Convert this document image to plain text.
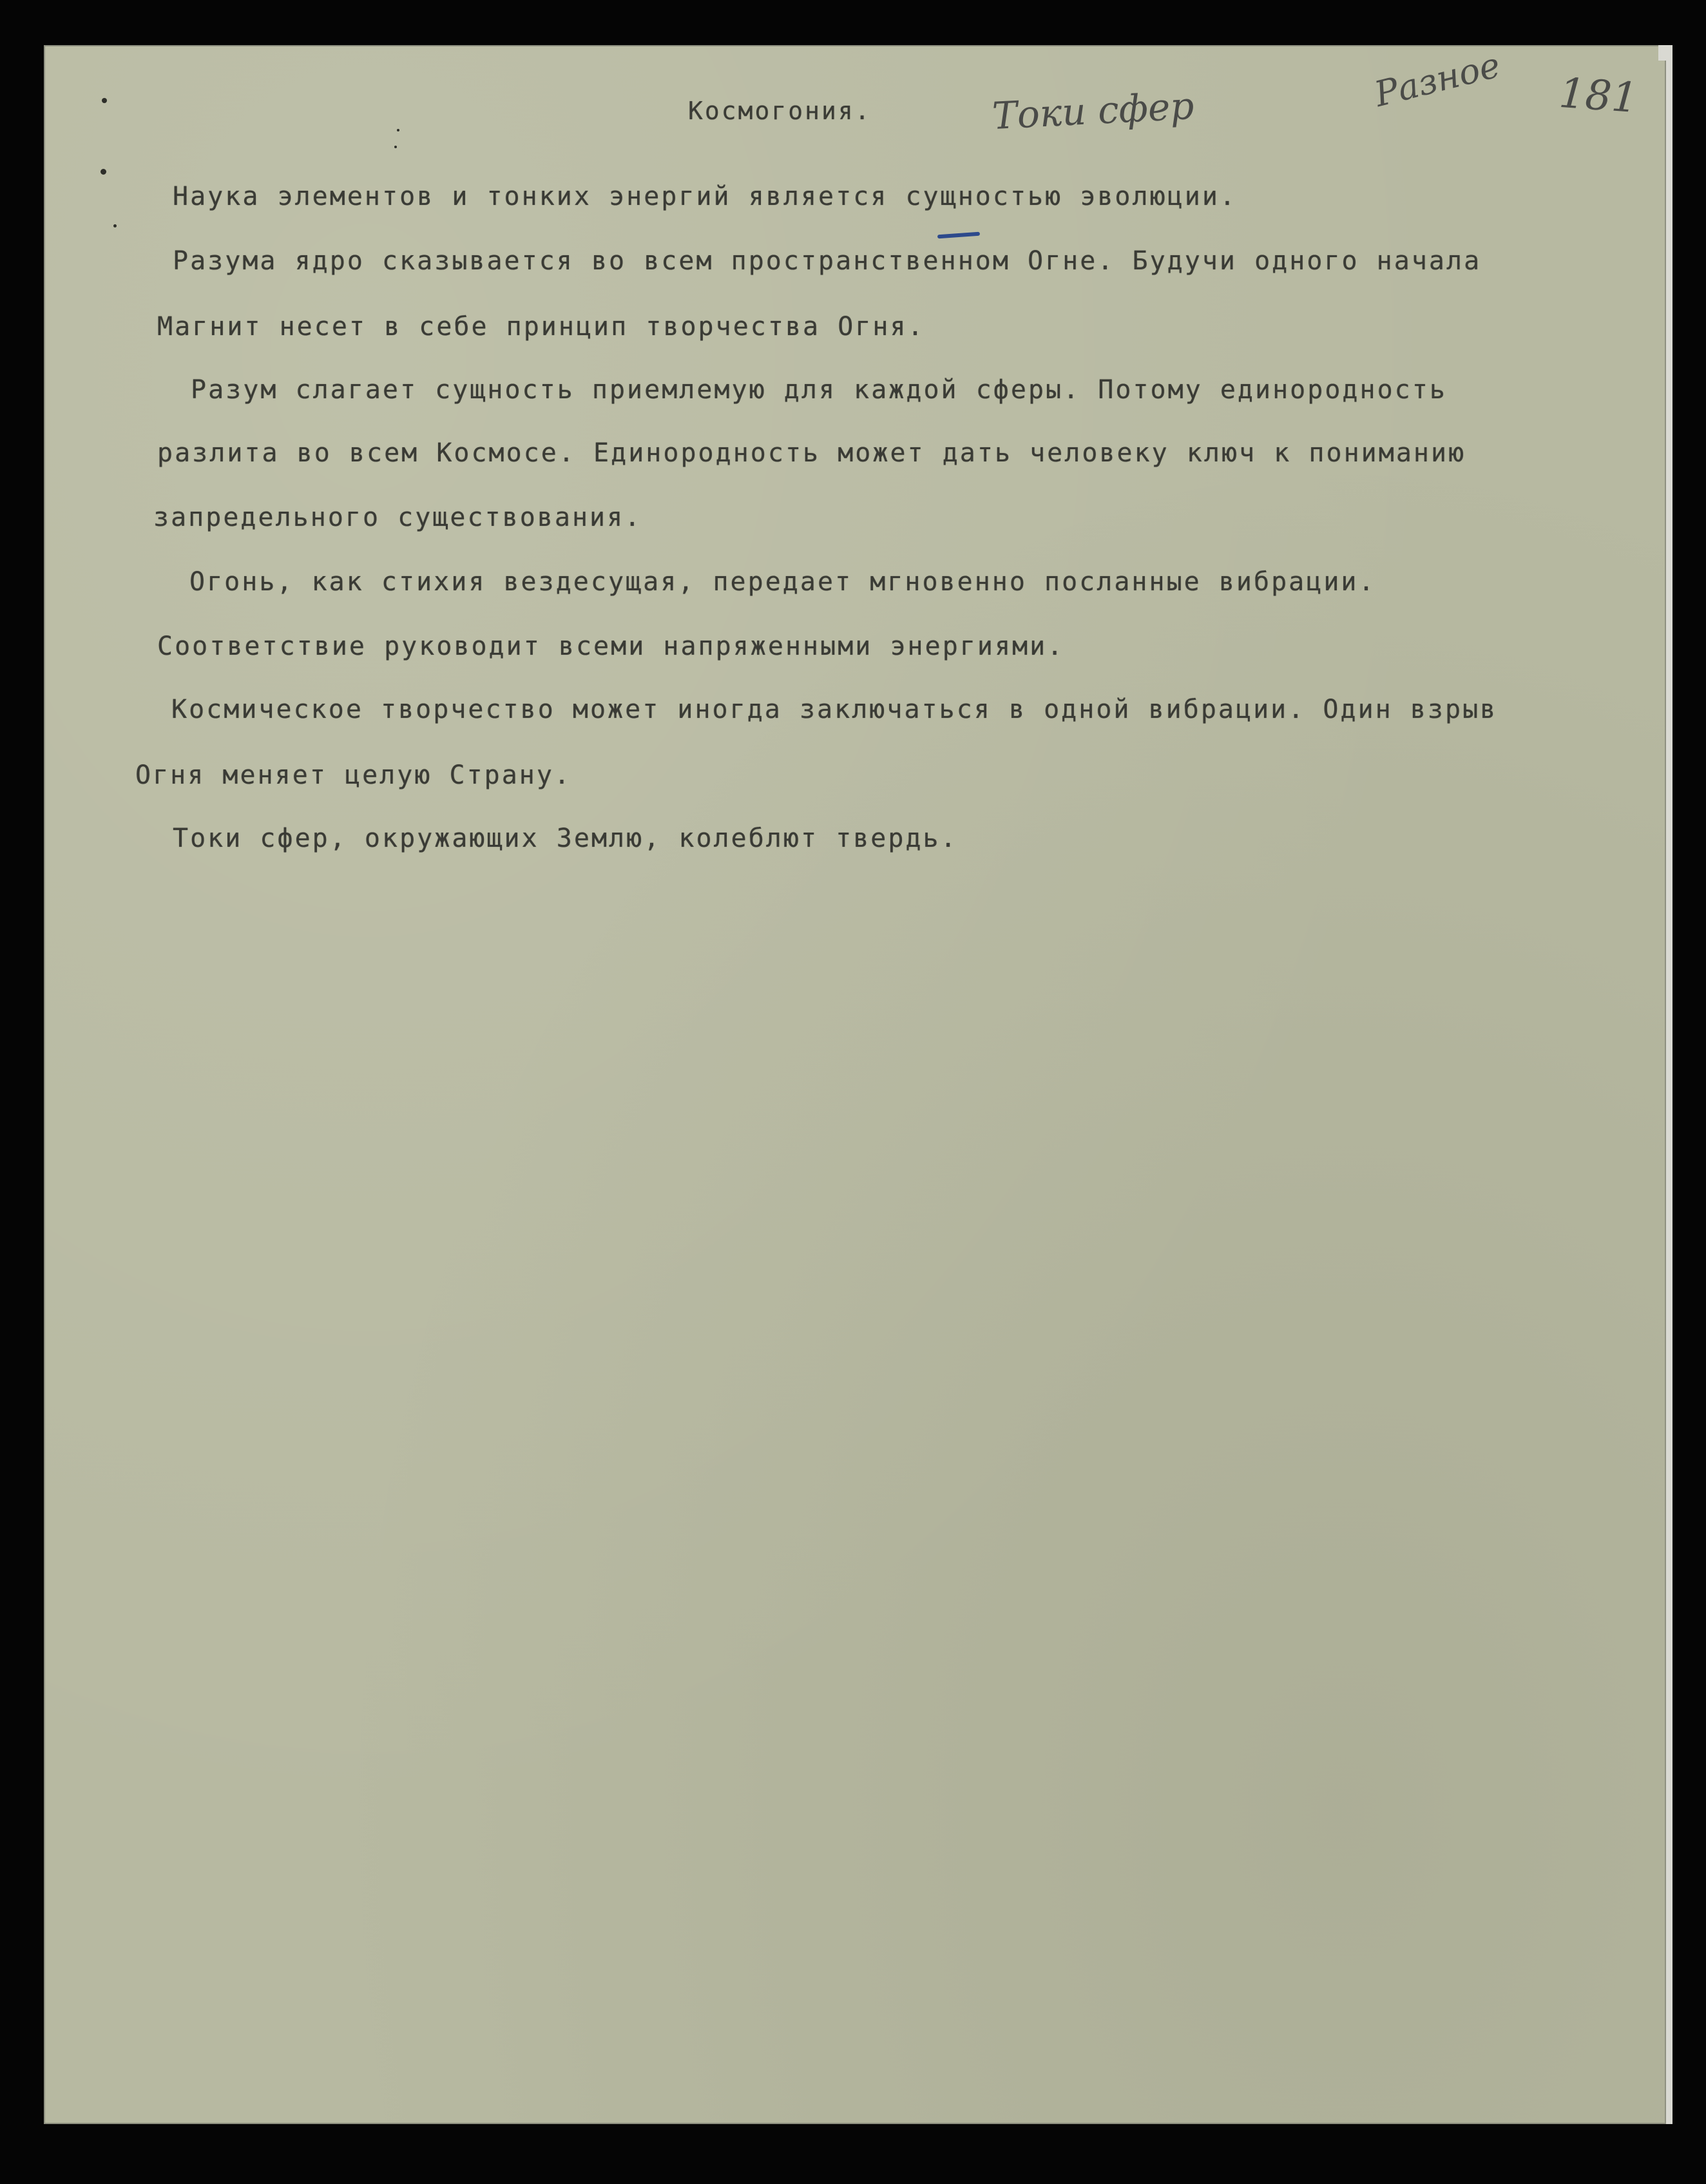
Космогония.	Токи сфер	Разное 181
Наука элементов и тонких энергий является сущностью эволюции.
Разума ядро сказывается во всем пространственном Огне. Будучи одного начала
Магнит несет в себе принцип творчества Огня.
Разум слагает сущность приемлемую для каждой сферы. Потому единородность
разлита во всем Космосе. Единородность может дать человеку ключ к пониманию
запредельного существования.
Огонь, как стихия вездесущая, передает мгновенно посланные вибрации.
Соответствие руководит всеми напряженными энергиями.
Космическое творчество может иногда заключаться в одной вибрации. Один взрыв
Огня меняет целую Страну.
Токи сфер, окружающих Землю, колеблют твердь.
